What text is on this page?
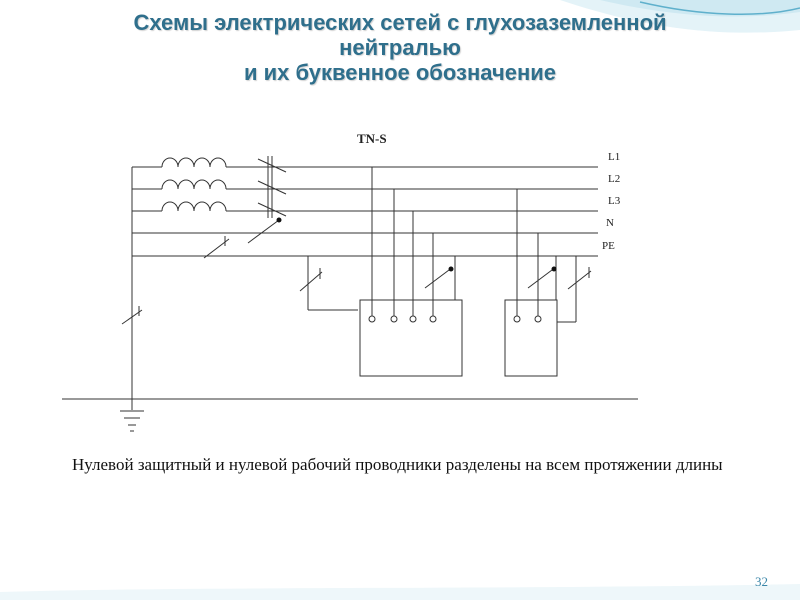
Схемы электрических сетей с глухозаземленной
нейтралью
и их буквенное обозначение
TN-S
L1
L2
L3
N
PE
Нулевой защитный и нулевой рабочий проводники разделены на всем протяжении длины
32
